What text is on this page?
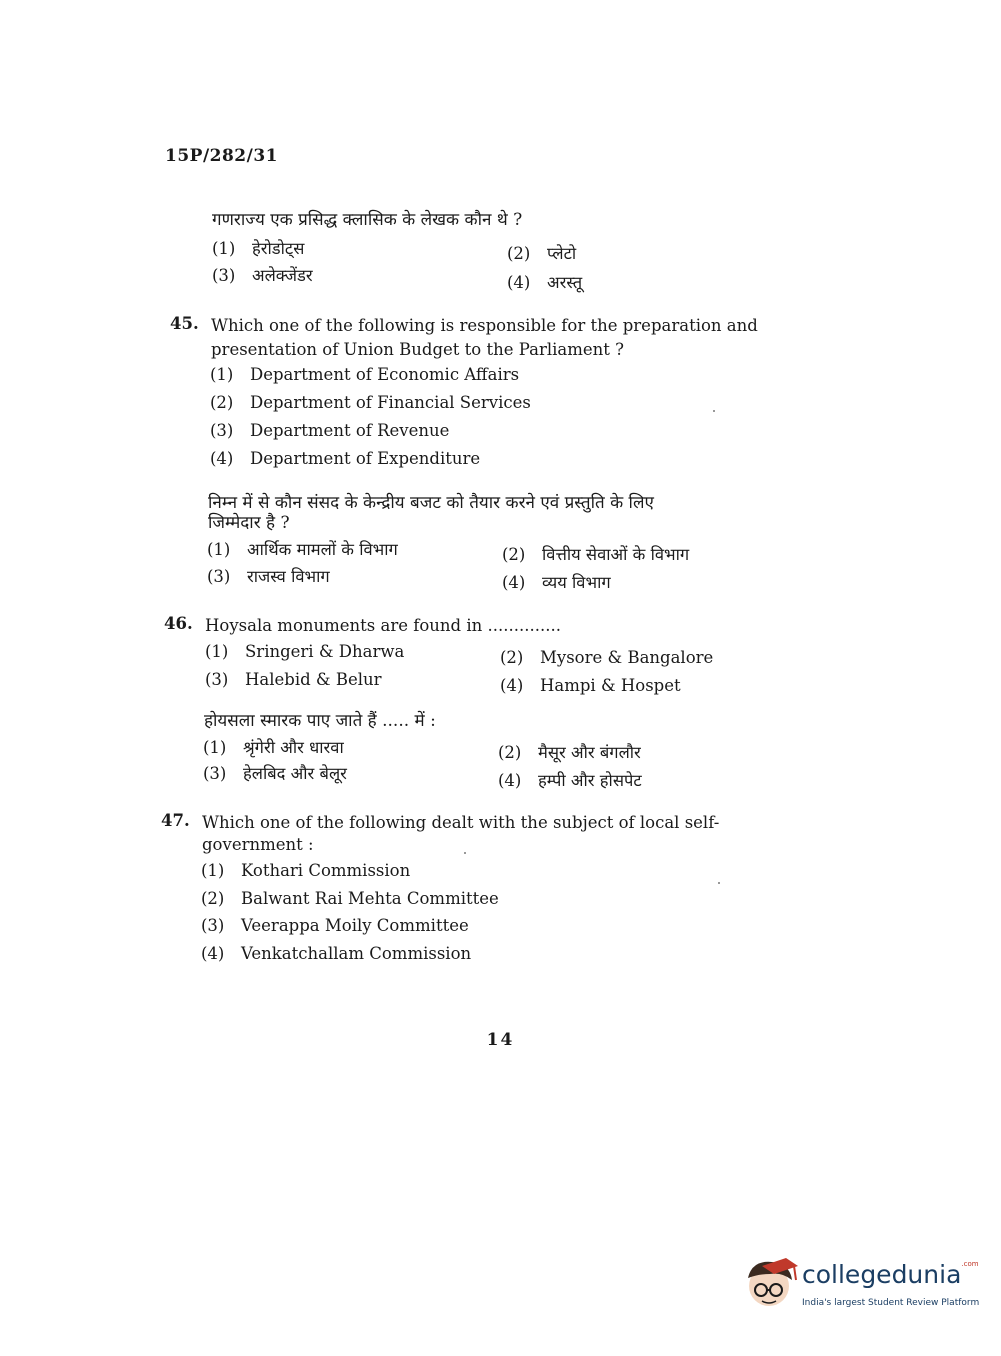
15P/282/31
गणराज्य एक प्रसिद्ध क्लासिक के लेखक कौन थे ?
(1) हेरोडोट्स	(2) प्लेटो
(3) अलेक्जेंडर	(4) अरस्तू
45. Which one of the following is responsible for the preparation and
presentation of Union Budget to the Parliament ?
(1) Department of Economic Affairs
(2) Department of Financial Services
(3) Department of Revenue
(4) Department of Expenditure
निम्न में से कौन संसद के केन्द्रीय बजट को तैयार करने एवं प्रस्तुति के लिए
जिम्मेदार है ?
(1) आर्थिक मामलों के विभाग	(2) वित्तीय सेवाओं के विभाग
(3) राजस्व विभाग	(4) व्यय विभाग
46. Hoysala monuments are found in ..............
(1) Sringeri & Dharwa	(2) Mysore & Bangalore
(3) Halebid & Belur	(4) Hampi & Hospet
होयसला स्मारक पाए जाते हैं ..... में :
(1) श्रृंगेरी और धारवा	(2) मैसूर और बंगलौर
(3) हेलबिद और बेलूर	(4) हम्पी और होसपेट
47. Which one of the following dealt with the subject of local self-
government :
(1) Kothari Commission
(2) Balwant Rai Mehta Committee
(3) Veerappa Moily Committee
(4) Venkatchallam Commission
14
collegedunia$^{.com}$
India's largest Student Review Platform
